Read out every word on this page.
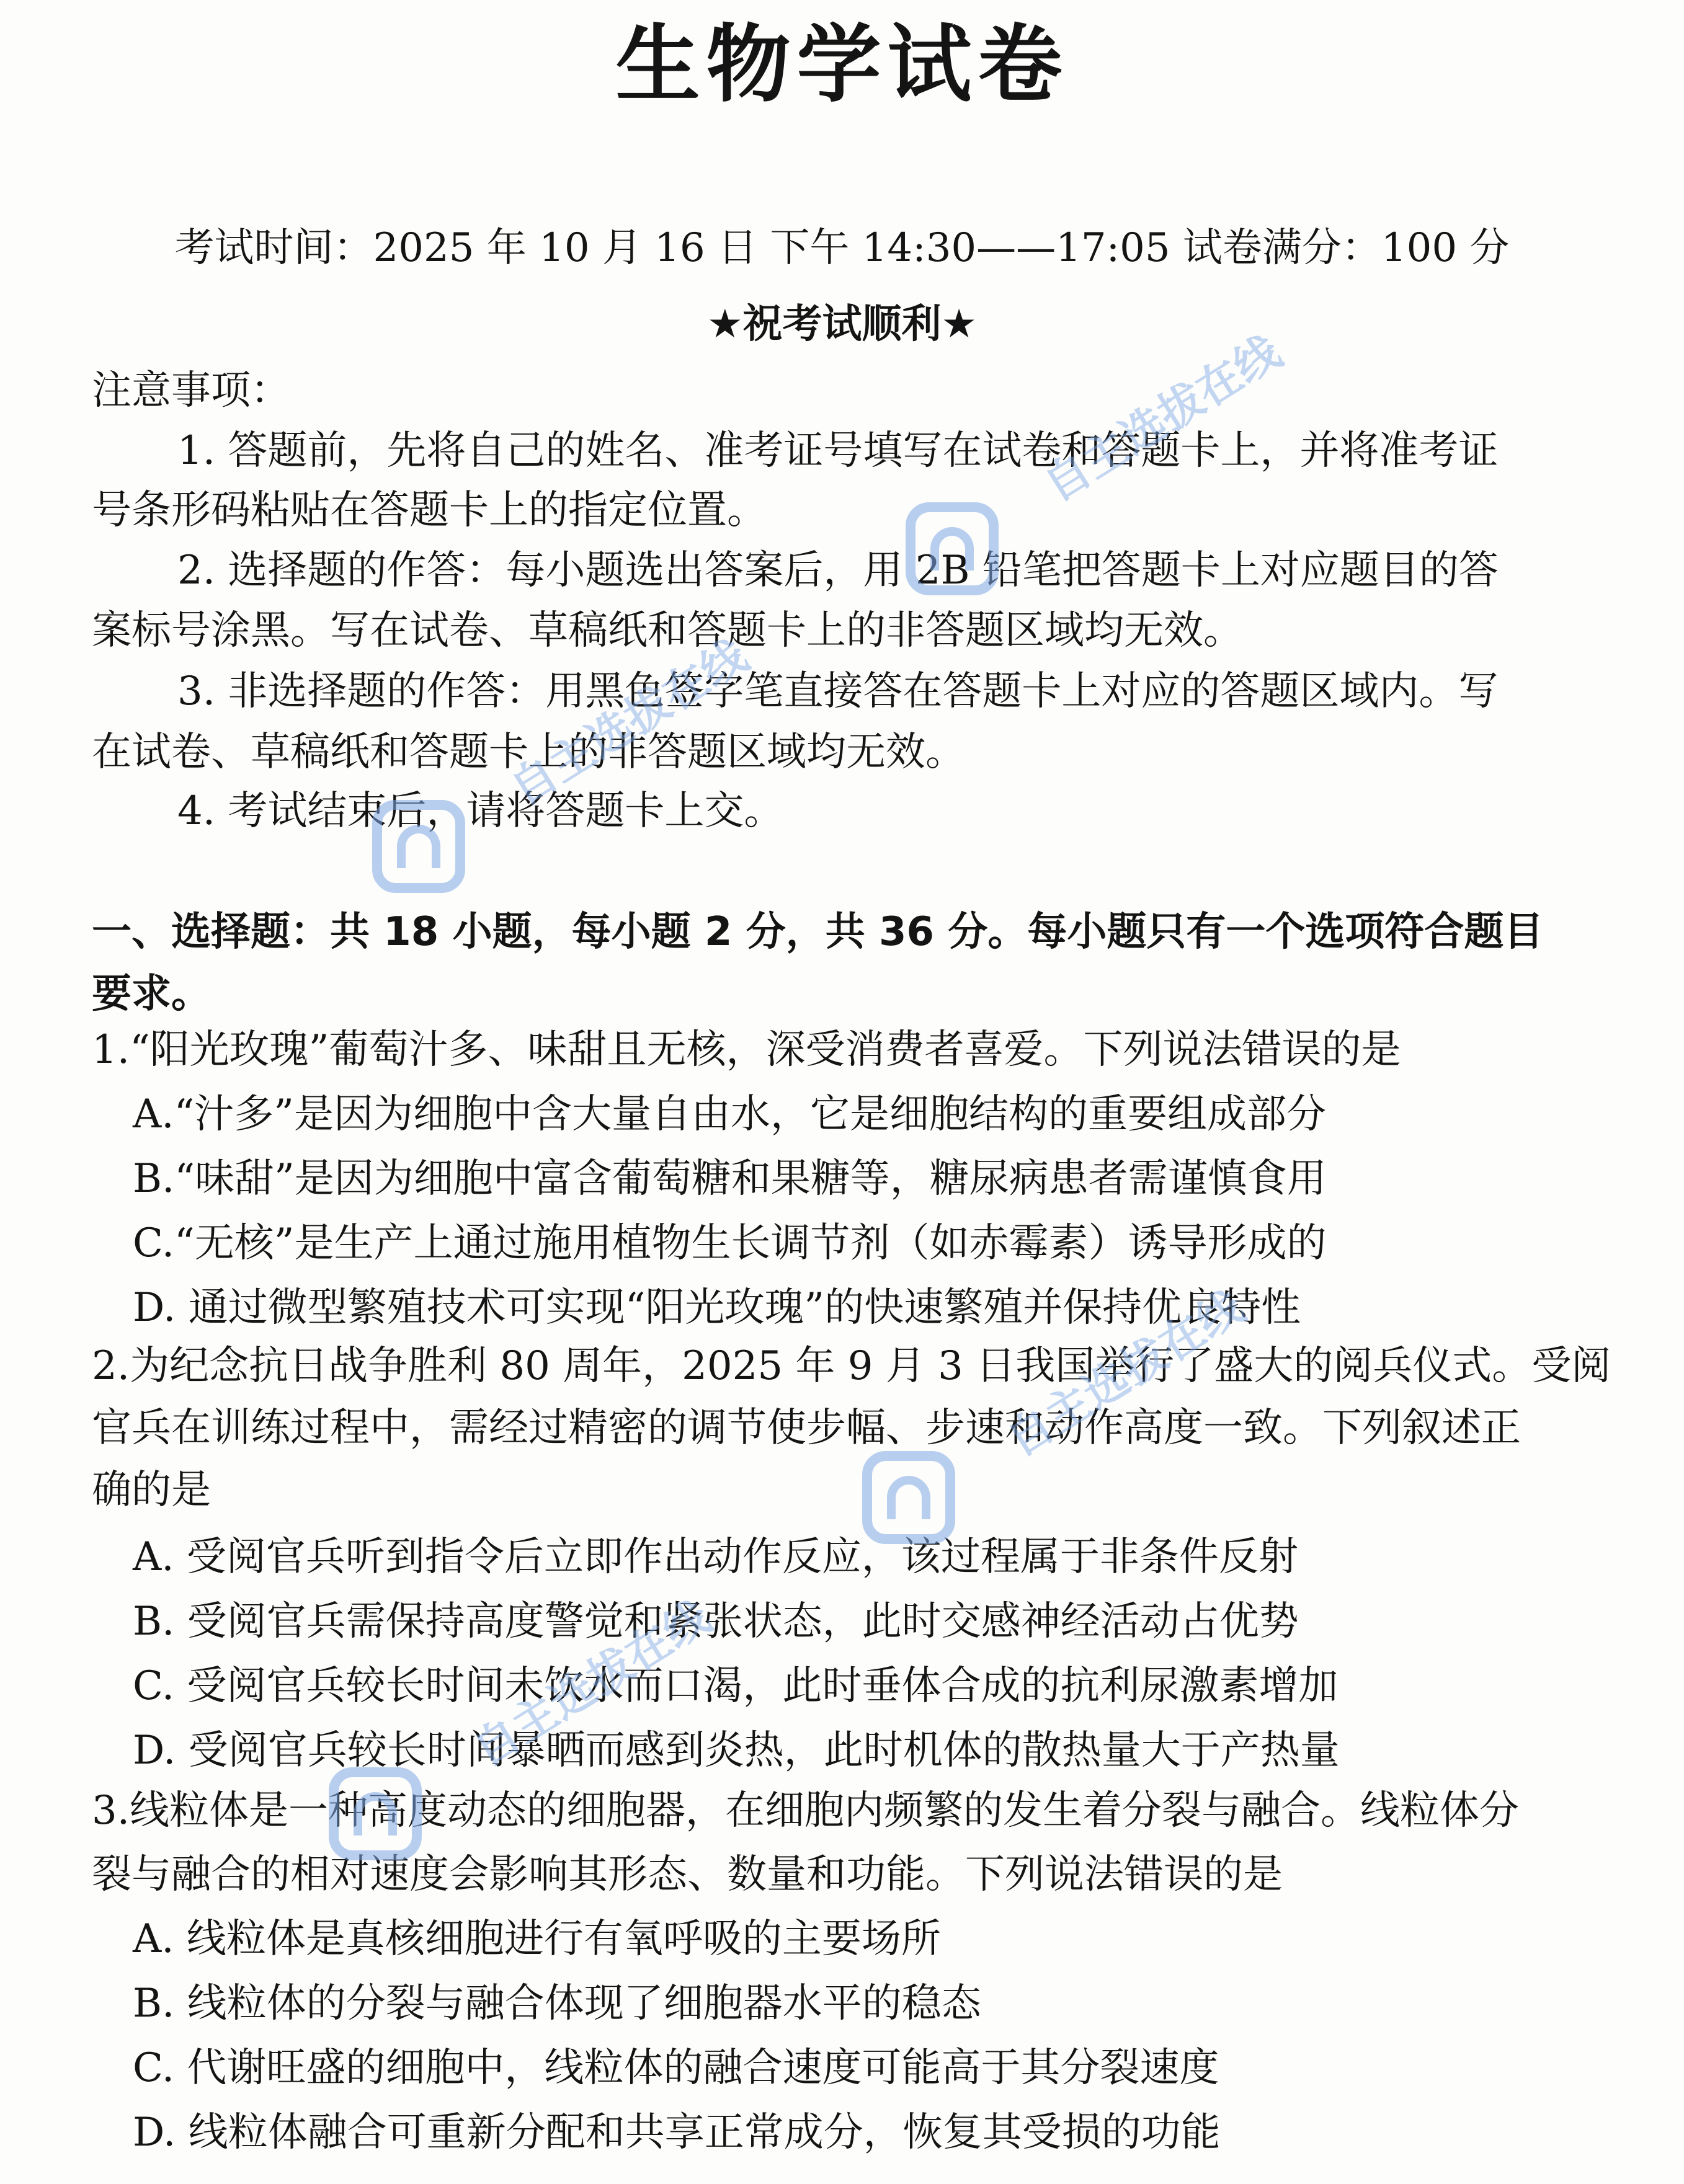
生物学试卷
考试时间：2025 年 10 月 16 日 下午 14:30——17:05 试卷满分：100 分
★祝考试顺利★
注意事项：
1. 答题前，先将自己的姓名、准考证号填写在试卷和答题卡上，并将准考证
号条形码粘贴在答题卡上的指定位置。
2. 选择题的作答：每小题选出答案后，用 2B 铅笔把答题卡上对应题目的答
案标号涂黑。写在试卷、草稿纸和答题卡上的非答题区域均无效。
3. 非选择题的作答：用黑色签字笔直接答在答题卡上对应的答题区域内。写
在试卷、草稿纸和答题卡上的非答题区域均无效。
4. 考试结束后，请将答题卡上交。
一、选择题：共 18 小题，每小题 2 分，共 36 分。每小题只有一个选项符合题目
要求。
1.“阳光玫瑰”葡萄汁多、味甜且无核，深受消费者喜爱。下列说法错误的是
A.“汁多”是因为细胞中含大量自由水，它是细胞结构的重要组成部分
B.“味甜”是因为细胞中富含葡萄糖和果糖等，糖尿病患者需谨慎食用
C.“无核”是生产上通过施用植物生长调节剂（如赤霉素）诱导形成的
D. 通过微型繁殖技术可实现“阳光玫瑰”的快速繁殖并保持优良特性
2.为纪念抗日战争胜利 80 周年，2025 年 9 月 3 日我国举行了盛大的阅兵仪式。受阅
官兵在训练过程中，需经过精密的调节使步幅、步速和动作高度一致。下列叙述正
确的是
A. 受阅官兵听到指令后立即作出动作反应，该过程属于非条件反射
B. 受阅官兵需保持高度警觉和紧张状态，此时交感神经活动占优势
C. 受阅官兵较长时间未饮水而口渴，此时垂体合成的抗利尿激素增加
D. 受阅官兵较长时间暴晒而感到炎热，此时机体的散热量大于产热量
3.线粒体是一种高度动态的细胞器，在细胞内频繁的发生着分裂与融合。线粒体分
裂与融合的相对速度会影响其形态、数量和功能。下列说法错误的是
A. 线粒体是真核细胞进行有氧呼吸的主要场所
B. 线粒体的分裂与融合体现了细胞器水平的稳态
C. 代谢旺盛的细胞中，线粒体的融合速度可能高于其分裂速度
D. 线粒体融合可重新分配和共享正常成分，恢复其受损的功能
自主选拔在线
自主选拔在线
自主选拔在线
自主选拔在线
